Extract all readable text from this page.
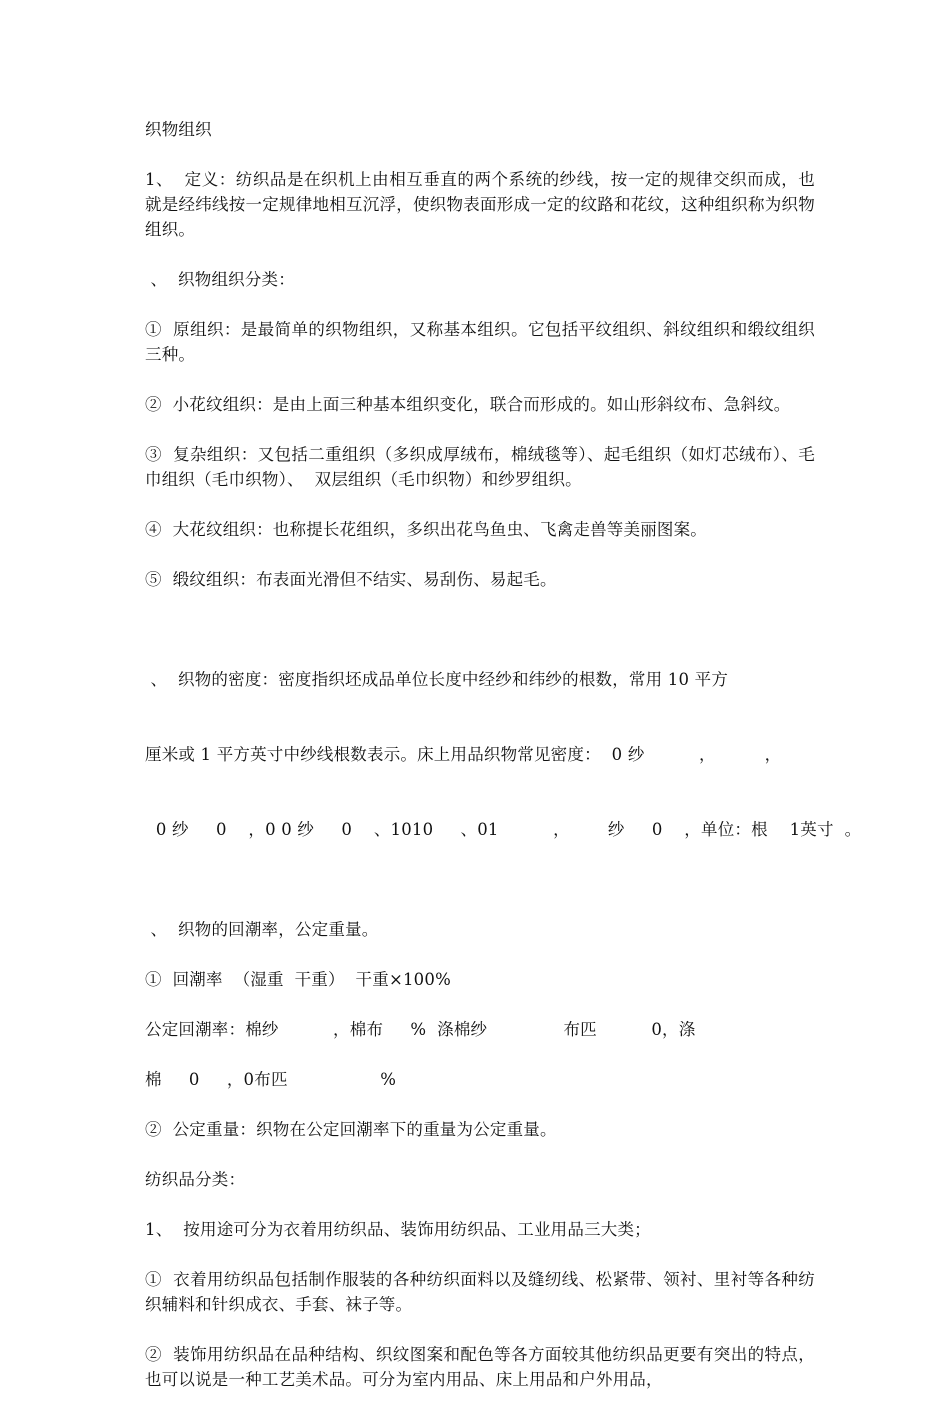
织物组织
1、  定义：纺织品是在织机上由相互垂直的两个系统的纱线，按一定的规律交织而成，也就是经纬线按一定规律地相互沉浮，使织物表面形成一定的纹路和花纹，这种组织称为织物组织。
、  织物组织分类：
①  原组织：是最简单的织物组织，又称基本组织。它包括平纹组织、斜纹组织和缎纹组织三种。
②  小花纹组织：是由上面三种基本组织变化，联合而形成的。如山形斜纹布、急斜纹。
③  复杂组织：又包括二重组织（多织成厚绒布，棉绒毯等）、起毛组织（如灯芯绒布）、毛巾组织（毛巾织物）、  双层组织（毛巾织物）和纱罗组织。
④  大花纹组织：也称提长花组织，多织出花鸟鱼虫、飞禽走兽等美丽图案。
⑤  缎纹组织：布表面光滑但不结实、易刮伤、易起毛。

、  织物的密度：密度指织坯成品单位长度中经纱和纬纱的根数，常用 10 平方

厘米或 1 平方英寸中纱线根数表示。床上用品织物常见密度：  0 纱          ，         ，

0 纱     0    ，0 0 纱     0    、1010     、01          ，       纱     0    ，单位：根    1英寸  。

、  织物的回潮率，公定重量。
①  回潮率  （湿重  干重）  干重×100%
公定回潮率：棉纱          ，棉布     %  涤棉纱              布匹          0，涤
棉     0     ，0布匹                 %
②  公定重量：织物在公定回潮率下的重量为公定重量。
纺织品分类：
1、  按用途可分为衣着用纺织品、装饰用纺织品、工业用品三大类；
①  衣着用纺织品包括制作服装的各种纺织面料以及缝纫线、松紧带、领衬、里衬等各种纺织辅料和针织成衣、手套、袜子等。
②  装饰用纺织品在品种结构、织纹图案和配色等各方面较其他纺织品更要有突出的特点，也可以说是一种工艺美术品。可分为室内用品、床上用品和户外用品，
